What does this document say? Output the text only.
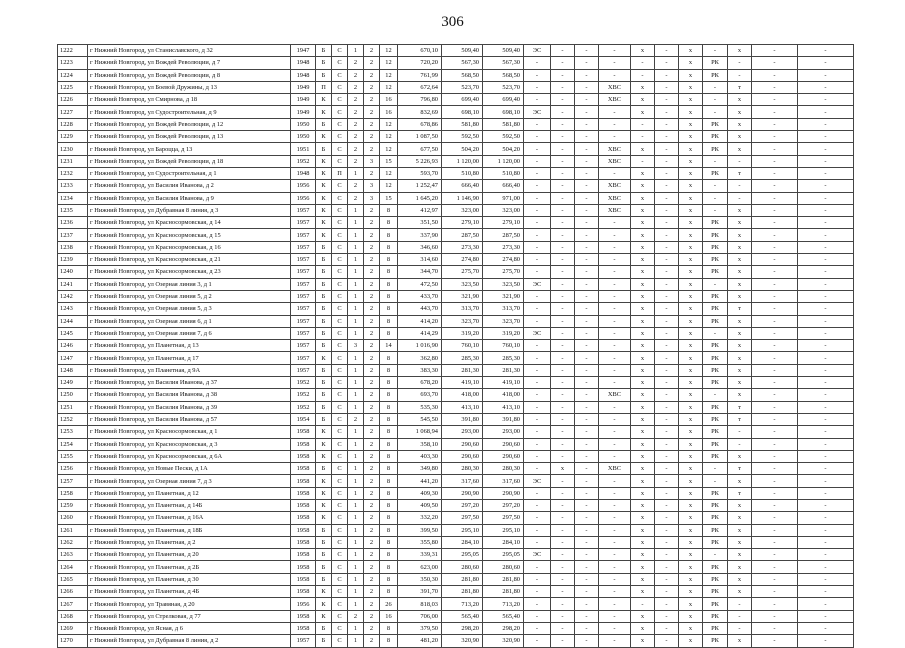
306
1222	г Нижний Новгород, ул Станиславского, д 32	1947	Б	С	1	2	12	670,10	509,40	509,40	ЭС	-	-	-	х	-	х	-	х	-	-
1223	г Нижний Новгород, ул Вождей Революции, д 7	1948	Б	С	2	2	12	720,20	567,30	567,30	-	-	-	-	-	-	х	РК	-	-	-
1224	г Нижний Новгород, ул Вождей Революции, д 8	1948	Б	С	2	2	12	761,99	568,50	568,50	-	-	-	-	-	-	х	РК	-	-	-
1225	г Нижний Новгород, ул Боевой Дружины, д 13	1949	П	С	2	2	12	672,64	523,70	523,70	-	-	-	ХВС	х	-	х	-	т	-	-
1226	г Нижний Новгород, ул Смирнова, д 18	1949	К	С	2	2	16	796,80	699,40	699,40	-	-	-	ХВС	х	-	х	-	х	-	-
1227	г Нижний Новгород, ул Судостроительная, д 9	1949	К	С	2	2	16	832,69	698,10	698,10	ЭС	-	-	-	х	-	х	-	х	-	-
1228	г Нижний Новгород, ул Вождей Революции, д 12	1950	Б	С	2	2	12	678,86	581,80	581,80	-	-	-	-	-	-	х	РК	х	-	-
1229	г Нижний Новгород, ул Вождей Революции, д 13	1950	К	С	2	2	12	1 087,50	592,50	592,50	-	-	-	-	-	-	х	РК	х	-	-
1230	г Нижний Новгород, ул Бароцца, д 13	1951	Б	С	2	2	12	677,50	504,20	504,20	-	-	-	ХВС	х	-	х	РК	х	-	-
1231	г Нижний Новгород, ул Вождей Революции, д 18	1952	К	С	2	3	15	5 226,93	1 120,00	1 120,00	-	-	-	ХВС	-	-	х	-	-	-	-
1232	г Нижний Новгород, ул Судостроительная, д 1	1948	К	П	1	2	12	593,70	510,80	510,80	-	-	-	-	х	-	х	РК	т	-	-
1233	г Нижний Новгород, ул Василия Иванова, д 2	1956	К	С	2	3	12	1 252,47	666,40	666,40	-	-	-	ХВС	х	-	х	-	-	-	-
1234	г Нижний Новгород, ул Василия Иванова, д 9	1956	К	С	2	3	15	1 645,20	1 146,90	971,00	-	-	-	ХВС	х	-	х	-	-	-	-
1235	г Нижний Новгород, ул Дубравная 8 линия, д 3	1957	К	С	1	2	8	412,97	323,00	323,00	-	-	-	ХВС	х	-	х	-	х	-	-
1236	г Нижний Новгород, ул Красносормовская, д 14	1957	К	С	1	2	8	351,50	279,10	279,10	-	-	-	-	х	-	х	РК	х	-	-
1237	г Нижний Новгород, ул Красносормовская, д 15	1957	К	С	1	2	8	337,90	287,50	287,50	-	-	-	-	х	-	х	РК	х	-	-
1238	г Нижний Новгород, ул Красносормовская, д 16	1957	Б	С	1	2	8	346,60	273,30	273,30	-	-	-	-	х	-	х	РК	х	-	-
1239	г Нижний Новгород, ул Красносормовская, д 21	1957	Б	С	1	2	8	314,60	274,80	274,80	-	-	-	-	х	-	х	РК	х	-	-
1240	г Нижний Новгород, ул Красносормовская, д 23	1957	Б	С	1	2	8	344,70	275,70	275,70	-	-	-	-	х	-	х	РК	х	-	-
1241	г Нижний Новгород, ул Озерная линия 3, д 1	1957	Б	С	1	2	8	472,50	323,50	323,50	ЭС	-	-	-	х	-	х	-	х	-	-
1242	г Нижний Новгород, ул Озерная линия 5, д 2	1957	Б	С	1	2	8	433,70	321,90	321,90	-	-	-	-	х	-	х	РК	х	-	-
1243	г Нижний Новгород, ул Озерная линия 5, д 3	1957	Б	С	1	2	8	443,70	313,70	313,70	-	-	-	-	х	-	х	РК	т	-	-
1244	г Нижний Новгород, ул Озерная линия 6, д 1	1957	Б	С	1	2	8	414,20	323,70	323,70	-	-	-	-	х	-	х	РК	х	-	-
1245	г Нижний Новгород, ул Озерная линия 7, д 6	1957	Б	С	1	2	8	414,29	319,20	319,20	ЭС	-	-	-	х	-	х	-	х	-	-
1246	г Нижний Новгород, ул Планетная, д 13	1957	Б	С	3	2	14	1 016,90	760,10	760,10	-	-	-	-	х	-	х	РК	х	-	-
1247	г Нижний Новгород, ул Планетная, д 17	1957	К	С	1	2	8	362,80	285,30	285,30	-	-	-	-	х	-	х	РК	х	-	-
1248	г Нижний Новгород, ул Планетная, д 9А	1957	Б	С	1	2	8	383,30	281,30	281,30	-	-	-	-	х	-	х	РК	х	-	-
1249	г Нижний Новгород, ул Василия Иванова, д 37	1952	Б	С	1	2	8	678,20	419,10	419,10	-	-	-	-	х	-	х	РК	х	-	-
1250	г Нижний Новгород, ул Василия Иванова, д 38	1952	Б	С	1	2	8	693,70	418,00	418,00	-	-	-	ХВС	х	-	х	-	х	-	-
1251	г Нижний Новгород, ул Василия Иванова, д 39	1952	Б	С	1	2	8	535,30	413,10	413,10	-	-	-	-	х	-	х	РК	т	-	-
1252	г Нижний Новгород, ул Василия Иванова, д 57	1954	Б	С	2	2	8	545,50	391,80	391,80	-	-	-	-	х	-	х	РК	т	-	-
1253	г Нижний Новгород, ул Красносормовская, д 1	1958	К	С	1	2	8	1 068,94	293,00	293,00	-	-	-	-	х	-	х	РК	-	-	-
1254	г Нижний Новгород, ул Красносормовская, д 3	1958	К	С	1	2	8	358,10	290,60	290,60	-	-	-	-	х	-	х	РК	-	-	-
1255	г Нижний Новгород, ул Красносормовская, д 6А	1958	К	С	1	2	8	403,30	290,60	290,60	-	-	-	-	х	-	х	РК	х	-	-
1256	г Нижний Новгород, ул Новые Пески, д 1А	1958	Б	С	1	2	8	349,80	280,30	280,30	-	х	-	ХВС	х	-	х	-	т	-	-
1257	г Нижний Новгород, ул Озерная линия 7, д 3	1958	К	С	1	2	8	441,20	317,60	317,60	ЭС	-	-	-	х	-	х	-	х	-	-
1258	г Нижний Новгород, ул Планетная, д 12	1958	К	С	1	2	8	409,30	290,90	290,90	-	-	-	-	х	-	х	РК	т	-	-
1259	г Нижний Новгород, ул Планетная, д 14Б	1958	К	С	1	2	8	409,50	297,20	297,20	-	-	-	-	х	-	х	РК	х	-	-
1260	г Нижний Новгород, ул Планетная, д 16А	1958	К	С	1	2	8	332,20	297,50	297,50	-	-	-	-	х	-	х	РК	х	-	-
1261	г Нижний Новгород, ул Планетная, д 18Б	1958	Б	С	1	2	8	399,50	295,10	295,10	-	-	-	-	х	-	х	РК	х	-	-
1262	г Нижний Новгород, ул Планетная, д 2	1958	Б	С	1	2	8	355,80	284,10	284,10	-	-	-	-	х	-	х	РК	х	-	-
1263	г Нижний Новгород, ул Планетная, д 20	1958	Б	С	1	2	8	339,31	295,05	295,05	ЭС	-	-	-	х	-	х	-	х	-	-
1264	г Нижний Новгород, ул Планетная, д 2Б	1958	Б	С	1	2	8	623,00	280,60	280,60	-	-	-	-	х	-	х	РК	х	-	-
1265	г Нижний Новгород, ул Планетная, д 30	1958	Б	С	1	2	8	350,30	281,80	281,80	-	-	-	-	х	-	х	РК	х	-	-
1266	г Нижний Новгород, ул Планетная, д 4Б	1958	К	С	1	2	8	391,70	281,80	281,80	-	-	-	-	х	-	х	РК	х	-	-
1267	г Нижний Новгород, ул Травяная, д 20	1956	К	С	1	2	26	818,03	713,20	713,20	-	-	-	-	-	-	х	РК	-	-	-
1268	г Нижний Новгород, ул Стрелковая, д 77	1958	К	С	2	2	16	706,00	565,40	565,40	-	-	-	-	х	-	х	РК	-	-	-
1269	г Нижний Новгород, ул Ясная, д 6	1958	Б	С	1	2	8	379,50	298,20	298,20	-	-	-	-	х	-	х	РК	-	-	-
1270	г Нижний Новгород, ул Дубравная 8 линия, д 2	1957	Б	С	1	2	8	481,20	320,90	320,90	-	-	-	-	х	-	х	РК	х	-	-
